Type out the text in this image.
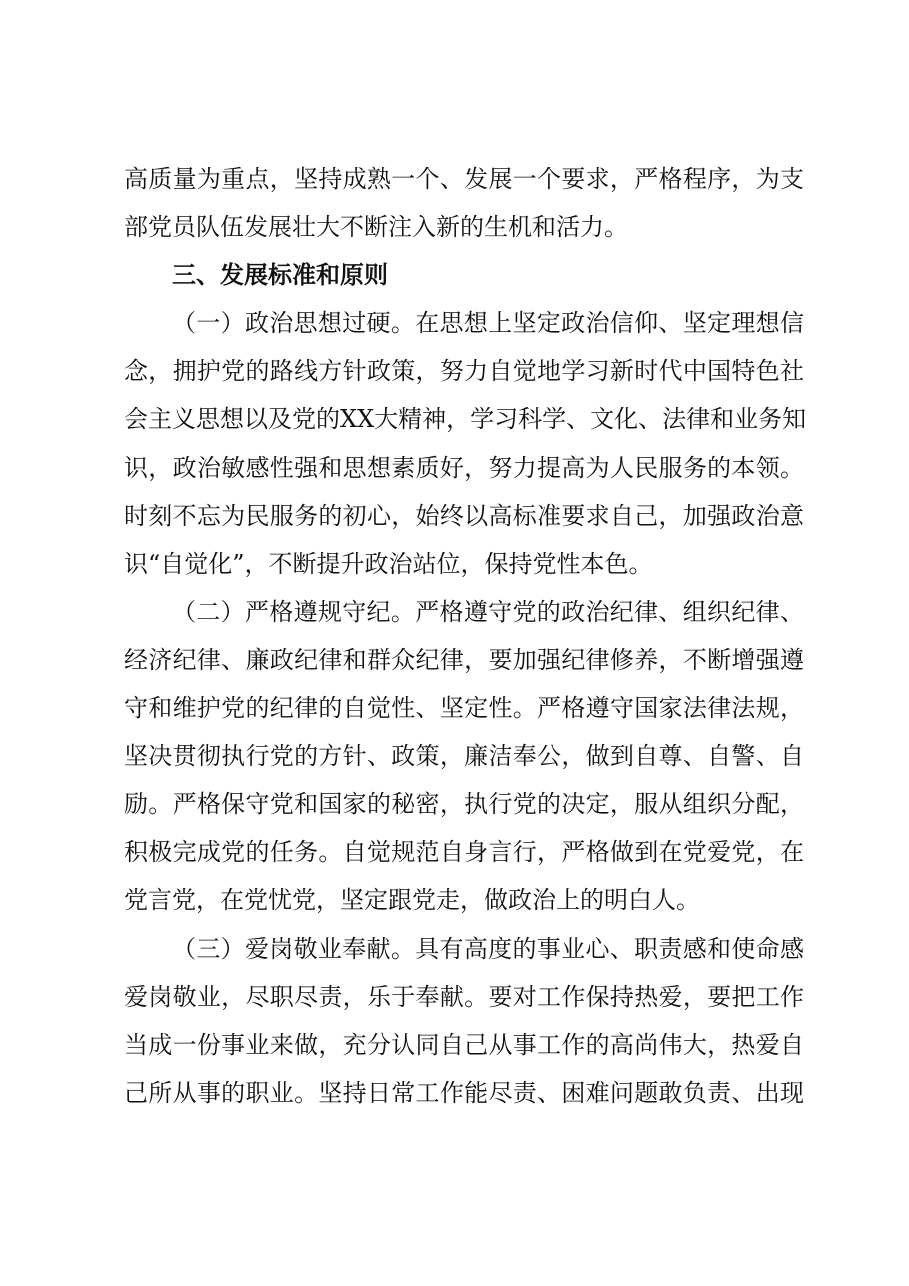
高质量为重点，坚持成熟一个、发展一个要求，严格程序，为支
部党员队伍发展壮大不断注入新的生机和活力。
三、发展标准和原则
（一）政治思想过硬。在思想上坚定政治信仰、坚定理想信
念，拥护党的路线方针政策，努力自觉地学习新时代中国特色社
会主义思想以及党的XX大精神，学习科学、文化、法律和业务知
识，政治敏感性强和思想素质好，努力提高为人民服务的本领。
时刻不忘为民服务的初心，始终以高标准要求自己，加强政治意
识“自觉化”，不断提升政治站位，保持党性本色。
（二）严格遵规守纪。严格遵守党的政治纪律、组织纪律、
经济纪律、廉政纪律和群众纪律，要加强纪律修养，不断增强遵
守和维护党的纪律的自觉性、坚定性。严格遵守国家法律法规，
坚决贯彻执行党的方针、政策，廉洁奉公，做到自尊、自警、自
励。严格保守党和国家的秘密，执行党的决定，服从组织分配，
积极完成党的任务。自觉规范自身言行，严格做到在党爱党，在
党言党，在党忧党，坚定跟党走，做政治上的明白人。
（三）爱岗敬业奉献。具有高度的事业心、职责感和使命感
爱岗敬业，尽职尽责，乐于奉献。要对工作保持热爱，要把工作
当成一份事业来做，充分认同自己从事工作的高尚伟大，热爱自
己所从事的职业。坚持日常工作能尽责、困难问题敢负责、出现
